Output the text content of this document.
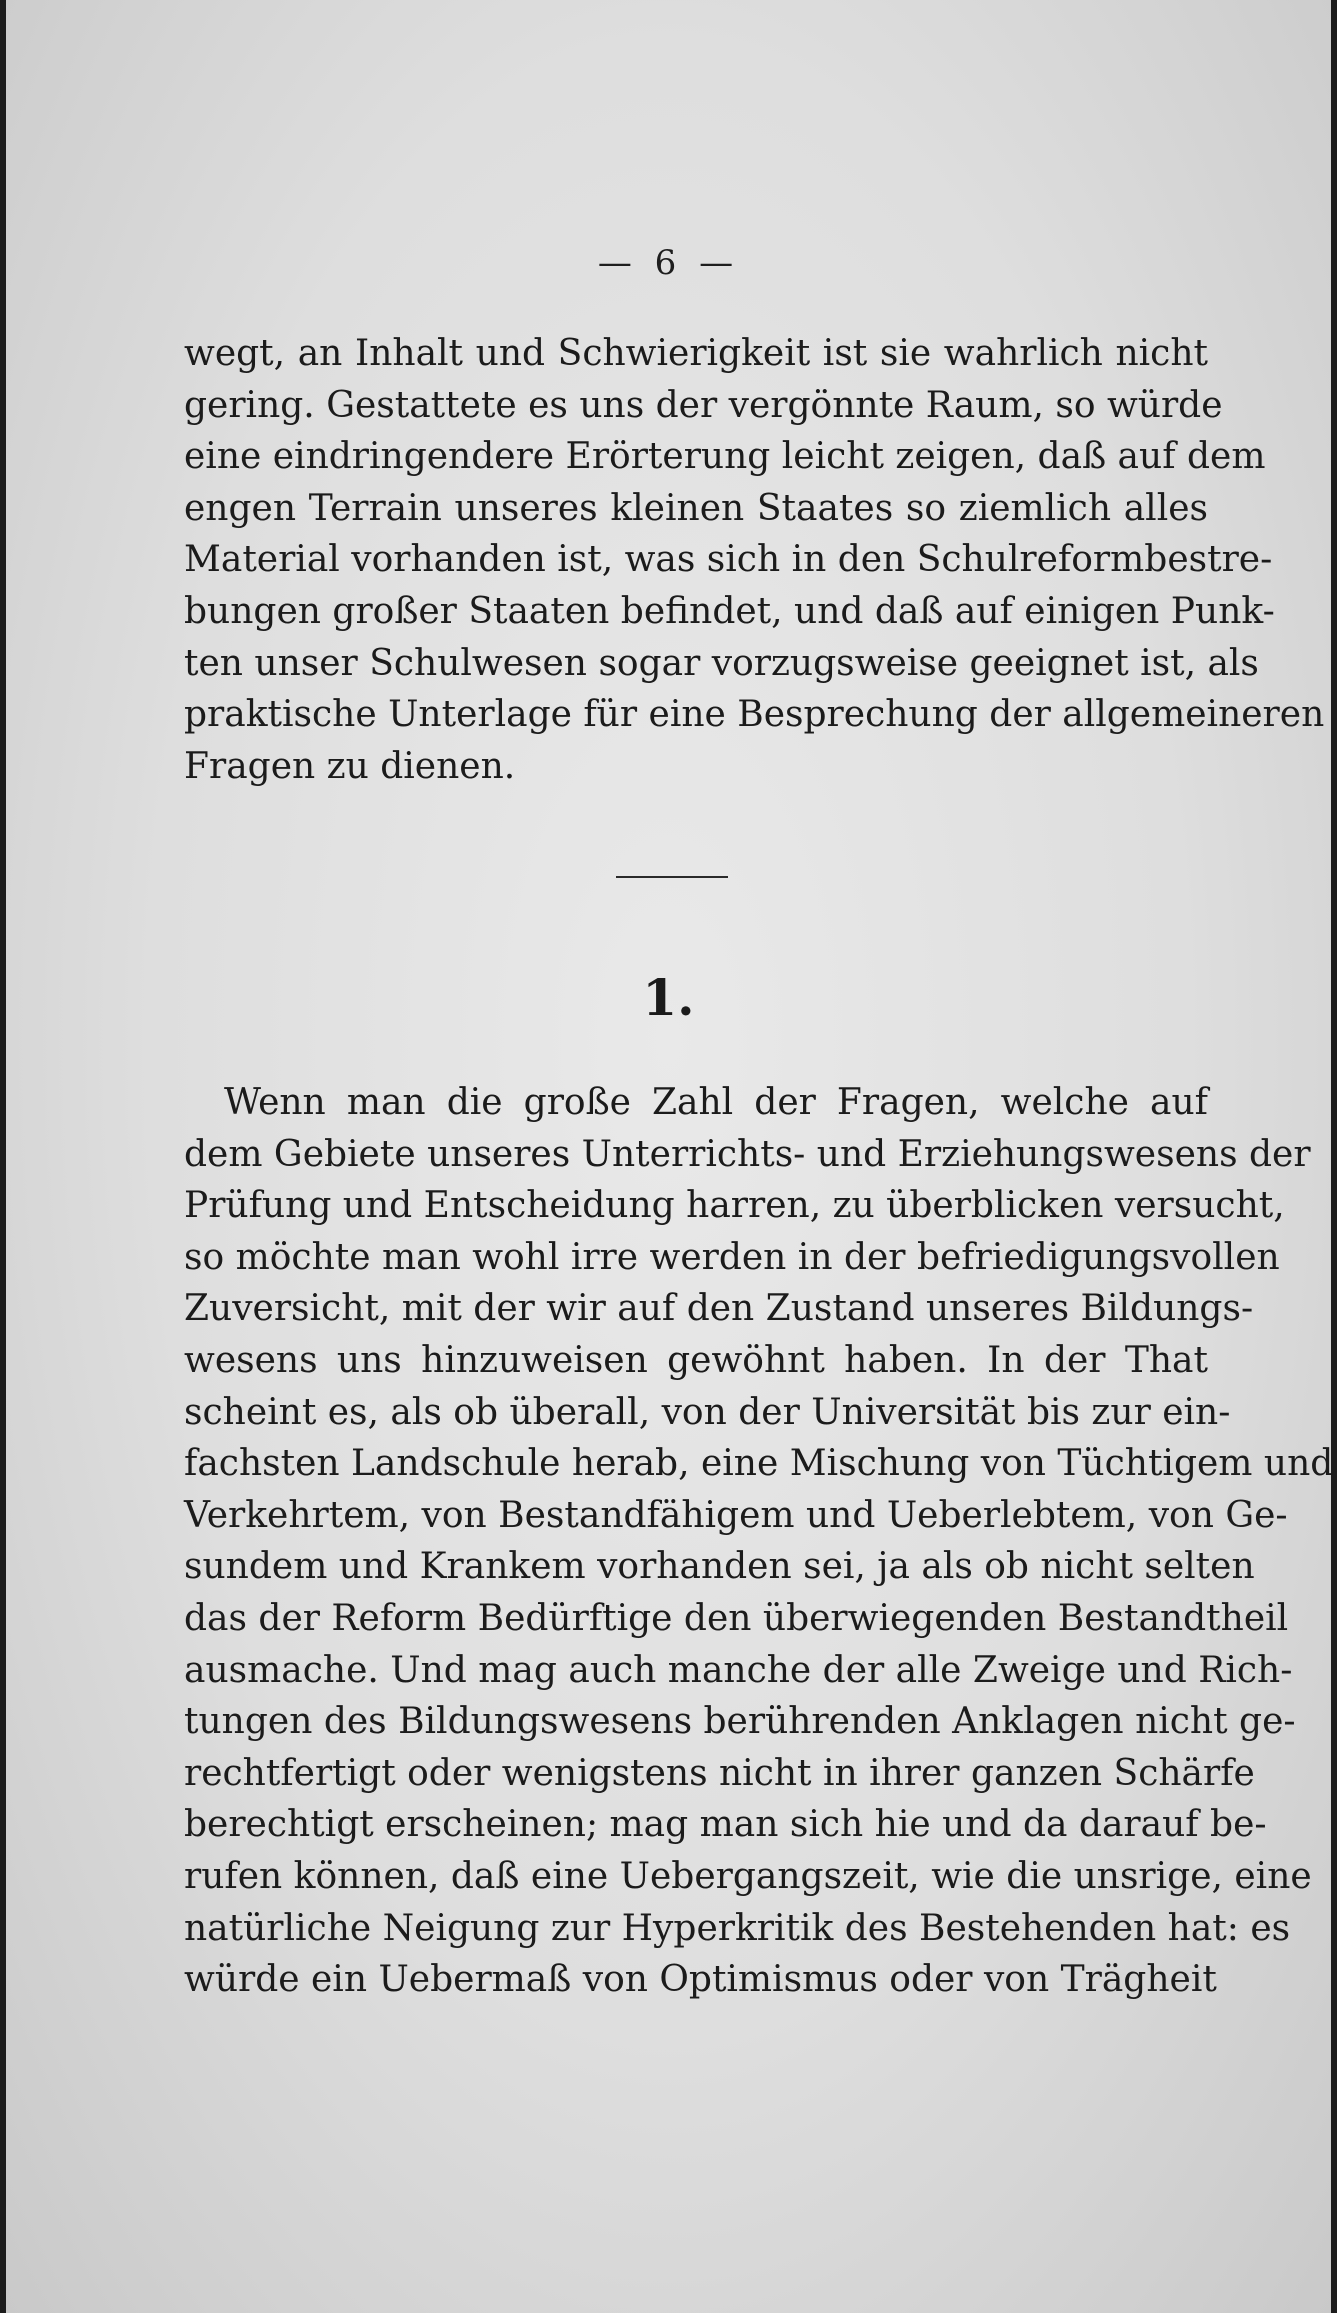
— 6 —
wegt, an Inhalt und Schwierigkeit ist sie wahrlich nicht
gering. Gestattete es uns der vergönnte Raum, so würde
eine eindringendere Erörterung leicht zeigen, daß auf dem
engen Terrain unseres kleinen Staates so ziemlich alles
Material vorhanden ist, was sich in den Schulreformbestre-
bungen großer Staaten befindet, und daß auf einigen Punk-
ten unser Schulwesen sogar vorzugsweise geeignet ist, als
praktische Unterlage für eine Besprechung der allgemeineren
Fragen zu dienen.
1.
Wenn man die große Zahl der Fragen, welche auf
dem Gebiete unseres Unterrichts- und Erziehungswesens der
Prüfung und Entscheidung harren, zu überblicken versucht,
so möchte man wohl irre werden in der befriedigungsvollen
Zuversicht, mit der wir auf den Zustand unseres Bildungs-
wesens uns hinzuweisen gewöhnt haben. In der That
scheint es, als ob überall, von der Universität bis zur ein-
fachsten Landschule herab, eine Mischung von Tüchtigem und
Verkehrtem, von Bestandfähigem und Ueberlebtem, von Ge-
sundem und Krankem vorhanden sei, ja als ob nicht selten
das der Reform Bedürftige den überwiegenden Bestandtheil
ausmache. Und mag auch manche der alle Zweige und Rich-
tungen des Bildungswesens berührenden Anklagen nicht ge-
rechtfertigt oder wenigstens nicht in ihrer ganzen Schärfe
berechtigt erscheinen; mag man sich hie und da darauf be-
rufen können, daß eine Uebergangszeit, wie die unsrige, eine
natürliche Neigung zur Hyperkritik des Bestehenden hat: es
würde ein Uebermaß von Optimismus oder von Trägheit
